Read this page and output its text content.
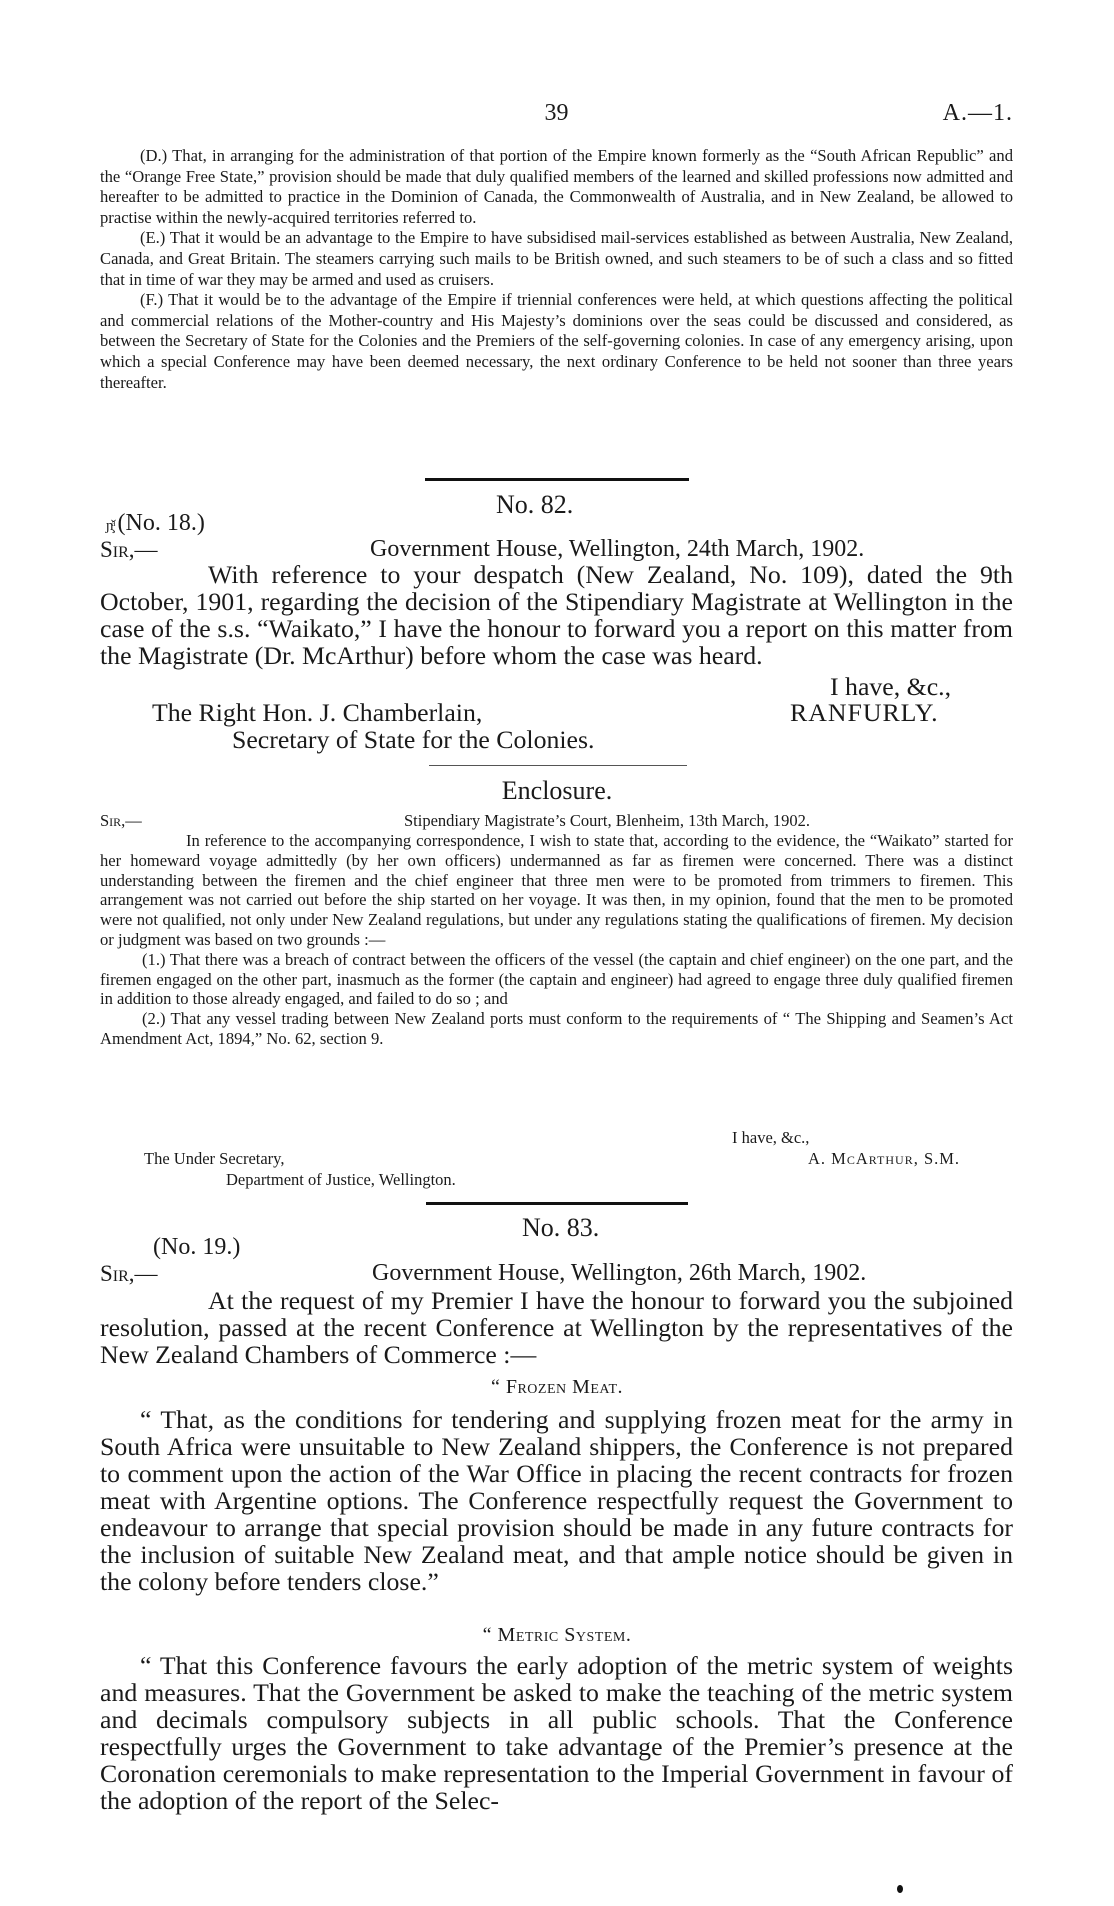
39	A.—1.

(D.) That, in arranging for the administration of that portion of the Empire known formerly as the “South African Republic” and the “Orange Free State,” provision should be made that duly qualified members of the learned and skilled professions now admitted and hereafter to be admitted to practice in the Dominion of Canada, the Commonwealth of Australia, and in New Zealand, be allowed to practise within the newly-acquired territories referred to.

(E.) That it would be an advantage to the Empire to have subsidised mail-services established as between Australia, New Zealand, Canada, and Great Britain. The steamers carrying such mails to be British owned, and such steamers to be of such a class and so fitted that in time of war they may be armed and used as cruisers.

(F.) That it would be to the advantage of the Empire if triennial conferences were held, at which questions affecting the political and commercial relations of the Mother-country and His Majesty’s dominions over the seas could be discussed and considered, as between the Secretary of State for the Colonies and the Premiers of the self-governing colonies. In case of any emergency arising, upon which a special Conference may have been deemed necessary, the next ordinary Conference to be held not sooner than three years thereafter.

No. 82.
ɲ̧ͣ̌ (No. 18.)
Sir,—	Government House, Wellington, 24th March, 1902.

With reference to your despatch (New Zealand, No. 109), dated the 9th October, 1901, regarding the decision of the Stipendiary Magistrate at Wellington in the case of the s.s. “Waikato,” I have the honour to forward you a report on this matter from the Magistrate (Dr. McArthur) before whom the case was heard.

I have, &c.,
The Right Hon. J. Chamberlain,	RANFURLY.
Secretary of State for the Colonies.
Enclosure.
Sir,—	Stipendiary Magistrate’s Court, Blenheim, 13th March, 1902.

In reference to the accompanying correspondence, I wish to state that, according to the evidence, the “Waikato” started for her homeward voyage admittedly (by her own officers) undermanned as far as firemen were concerned. There was a distinct understanding between the firemen and the chief engineer that three men were to be promoted from trimmers to firemen. This arrangement was not carried out before the ship started on her voyage. It was then, in my opinion, found that the men to be promoted were not qualified, not only under New Zealand regulations, but under any regulations stating the qualifications of firemen. My decision or judgment was based on two grounds :—

(1.) That there was a breach of contract between the officers of the vessel (the captain and chief engineer) on the one part, and the firemen engaged on the other part, inasmuch as the former (the captain and engineer) had agreed to engage three duly qualified firemen in addition to those already engaged, and failed to do so ; and

(2.) That any vessel trading between New Zealand ports must conform to the requirements of “ The Shipping and Seamen’s Act Amendment Act, 1894,” No. 62, section 9.

I have, &c.,
The Under Secretary,	A. McArthur, S.M.
Department of Justice, Wellington.
No. 83.
(No. 19.)
Sir,—	Government House, Wellington, 26th March, 1902.

At the request of my Premier I have the honour to forward you the subjoined resolution, passed at the recent Conference at Wellington by the representatives of the New Zealand Chambers of Commerce :—

“ Frozen Meat.

“ That, as the conditions for tendering and supplying frozen meat for the army in South Africa were unsuitable to New Zealand shippers, the Conference is not prepared to comment upon the action of the War Office in placing the recent contracts for frozen meat with Argentine options. The Conference respectfully request the Government to endeavour to arrange that special provision should be made in any future contracts for the inclusion of suitable New Zealand meat, and that ample notice should be given in the colony before tenders close.”

“ Metric System.

“ That this Conference favours the early adoption of the metric system of weights and measures. That the Government be asked to make the teaching of the metric system and decimals compulsory subjects in all public schools. That the Conference respectfully urges the Government to take advantage of the Premier’s presence at the Coronation ceremonials to make representation to the Imperial Government in favour of the adoption of the report of the Selec-
